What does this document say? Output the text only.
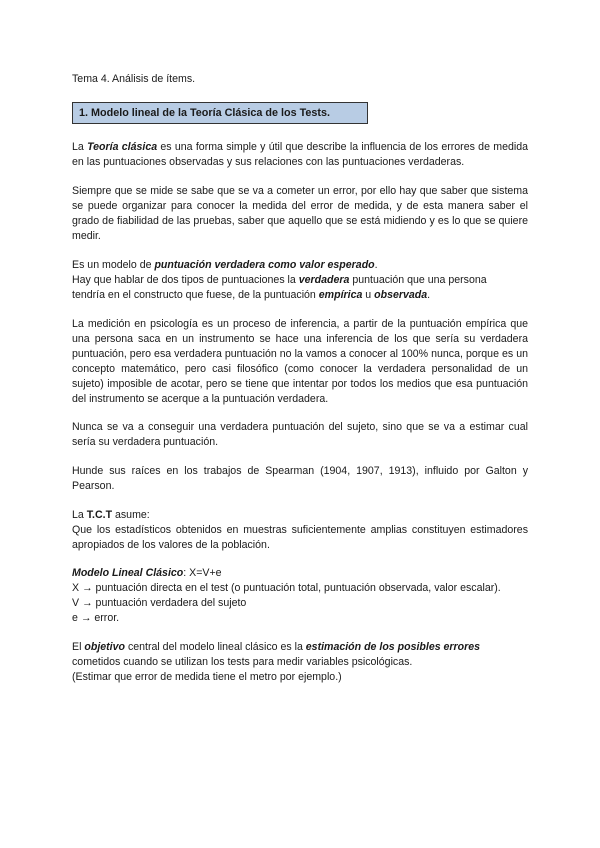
Tema 4. Análisis de ítems.
1. Modelo lineal de la Teoría Clásica de los Tests.
La Teoría clásica es una forma simple y útil que describe la influencia de los errores de medida en las puntuaciones observadas y sus relaciones con las puntuaciones verdaderas.
Siempre que se mide se sabe que se va a cometer un error, por ello hay que saber que sistema se puede organizar para conocer la medida del error de medida, y de esta manera saber el grado de fiabilidad de las pruebas, saber que aquello que se está midiendo y es lo que se quiere medir.
Es un modelo de puntuación verdadera como valor esperado.
Hay que hablar de dos tipos de puntuaciones la verdadera puntuación que una persona
tendría en el constructo que fuese, de la puntuación empírica u observada.
La medición en psicología es un proceso de inferencia, a partir de la puntuación empírica que una persona saca en un instrumento se hace una inferencia de los que sería su verdadera puntuación, pero esa verdadera puntuación no la vamos a conocer al 100% nunca, porque es un concepto matemático, pero casi filosófico (como conocer la verdadera personalidad de un sujeto) imposible de acotar, pero se tiene que intentar por todos los medios que esa puntuación del instrumento se acerque a la puntuación verdadera.
Nunca se va a conseguir una verdadera puntuación del sujeto, sino que se va a estimar cual sería su verdadera puntuación.
Hunde sus raíces en los trabajos de Spearman (1904, 1907, 1913), influido por Galton y Pearson.
La T.C.T asume:
Que los estadísticos obtenidos en muestras suficientemente amplias constituyen estimadores apropiados de los valores de la población.
Modelo Lineal Clásico: X=V+e
X → puntuación directa en el test (o puntuación total, puntuación observada, valor escalar).
V → puntuación verdadera del sujeto
e → error.
El objetivo central del modelo lineal clásico es la estimación de los posibles errores
cometidos cuando se utilizan los tests para medir variables psicológicas.
(Estimar que error de medida tiene el metro por ejemplo.)
